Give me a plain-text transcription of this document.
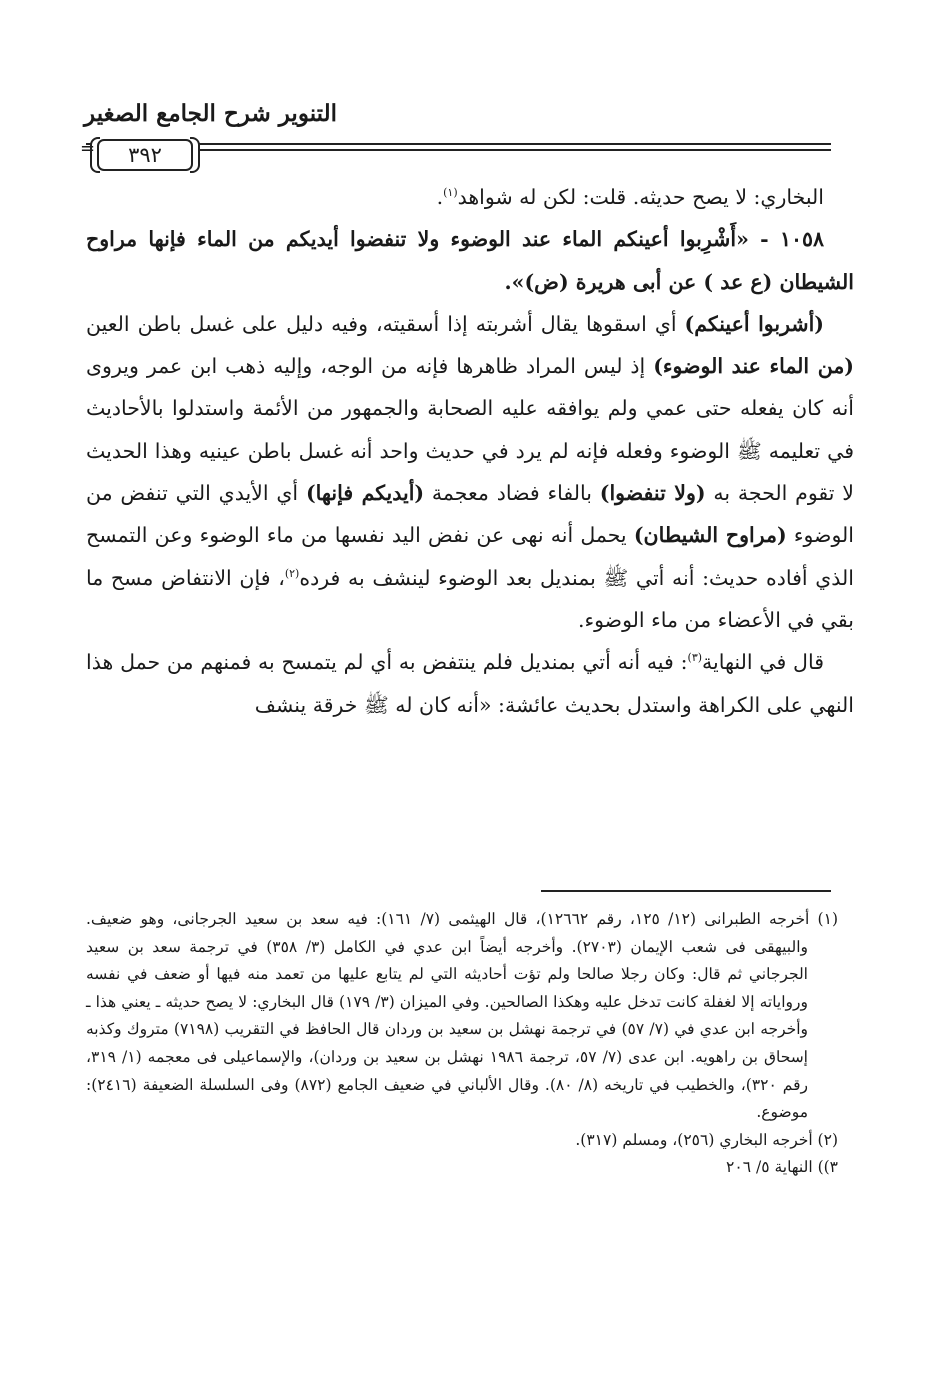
التنوير شرح الجامع الصغير
=	٣٩٢

البخاري: لا يصح حديثه. قلت: لكن له شواهد$^{(١)}$.

١٠٥٨ - «أَشْرِبوا أعينكم الماء عند الوضوء ولا تنفضوا أيديكم من الماء فإنها مراوح الشيطان (ع عد ) عن أبى هريرة (ض)».

(أشربوا أعينكم) أي اسقوها يقال أشربته إذا أسقيته، وفيه دليل على غسل باطن العين (من الماء عند الوضوء) إذ ليس المراد ظاهرها فإنه من الوجه، وإليه ذهب ابن عمر ويروى أنه كان يفعله حتى عمي ولم يوافقه عليه الصحابة والجمهور من الأئمة واستدلوا بالأحاديث في تعليمه ﷺ الوضوء وفعله فإنه لم يرد في حديث واحد أنه غسل باطن عينيه وهذا الحديث لا تقوم الحجة به (ولا تنفضوا) بالفاء فضاد معجمة (أيديكم فإنها) أي الأيدي التي تنفض من الوضوء (مراوح الشيطان) يحمل أنه نهى عن نفض اليد نفسها من ماء الوضوء وعن التمسح الذي أفاده حديث: أنه أتي ﷺ بمنديل بعد الوضوء لينشف به فرده$^{(٢)}$، فإن الانتفاض مسح ما بقي في الأعضاء من ماء الوضوء.

قال في النهاية$^{(٣)}$: فيه أنه أتي بمنديل فلم ينتفض به أي لم يتمسح به فمنهم من حمل هذا النهي على الكراهة واستدل بحديث عائشة: «أنه كان له ﷺ خرقة ينشف

(١) أخرجه الطبرانى (١٢/ ١٢٥، رقم ١٢٦٦٢)، قال الهيثمى (٧/ ١٦١): فيه سعد بن سعيد الجرجانى، وهو ضعيف. والبيهقى فى شعب الإيمان (٢٧٠٣). وأخرجه أيضاً ابن عدي في الكامل (٣/ ٣٥٨) في ترجمة سعد بن سعيد الجرجاني ثم قال: وكان رجلا صالحا ولم تؤت أحاديثه التي لم يتابع عليها من تعمد منه فيها أو ضعف في نفسه ورواياته إلا لغفلة كانت تدخل عليه وهكذا الصالحين. وفي الميزان (٣/ ١٧٩) قال البخاري: لا يصح حديثه ـ يعني هذا ـ وأخرجه ابن عدي في (٧/ ٥٧) في ترجمة نهشل بن سعيد بن وردان قال الحافظ في التقريب (٧١٩٨) متروك وكذبه إسحاق بن راهويه. ابن عدى (٧/ ٥٧، ترجمة ١٩٨٦ نهشل بن سعيد بن وردان)، والإسماعيلى فى معجمه (١/ ٣١٩، رقم ٣٢٠)، والخطيب في تاريخه (٨/ ٨٠). وقال الألباني في ضعيف الجامع (٨٧٢) وفى السلسلة الضعيفة (٢٤١٦): موضوع.

(٢) أخرجه البخاري (٢٥٦)، ومسلم (٣١٧).

٣)) النهاية ٥/ ٢٠٦
